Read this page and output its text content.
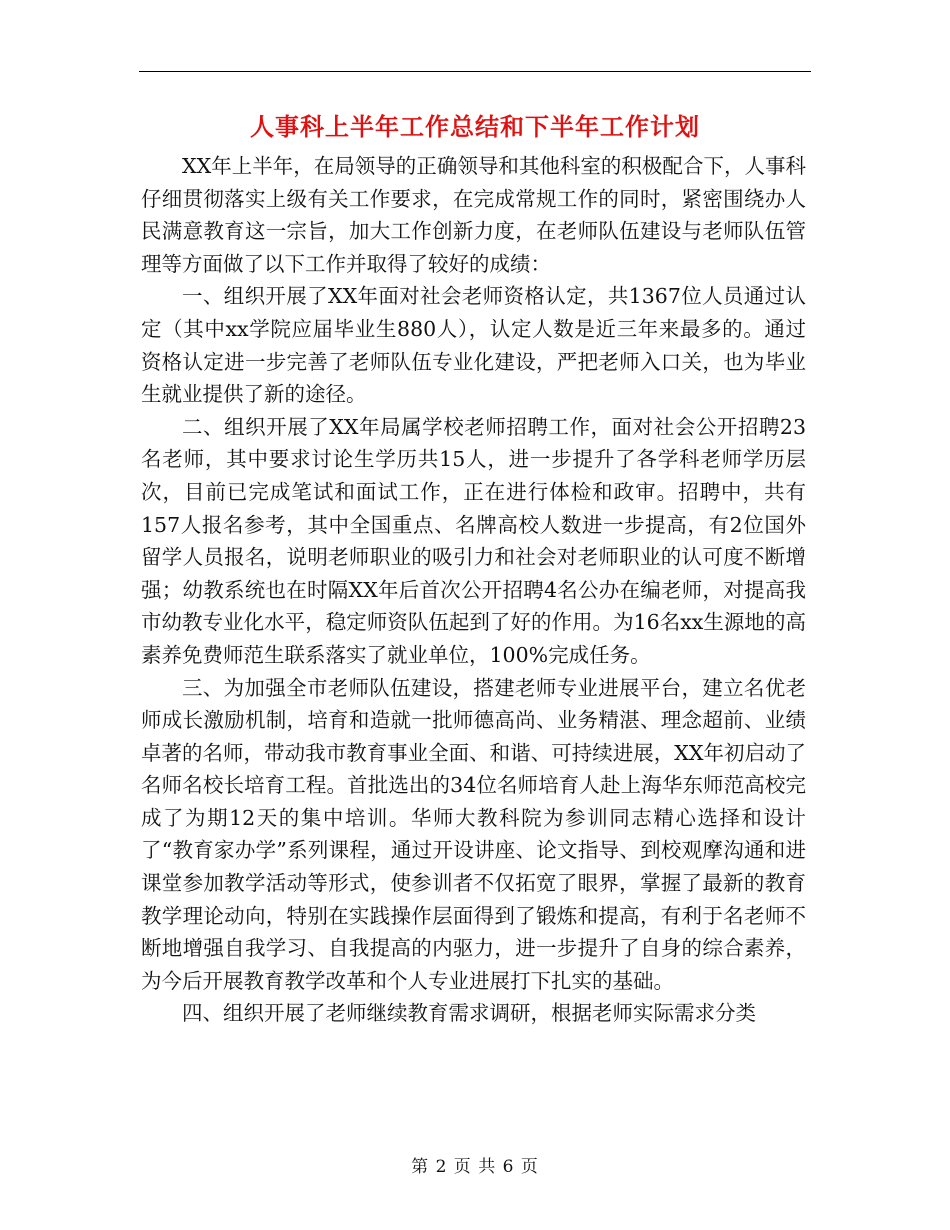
人事科上半年工作总结和下半年工作计划

XX年上半年，在局领导的正确领导和其他科室的积极配合下，人事科仔细贯彻落实上级有关工作要求，在完成常规工作的同时，紧密围绕办人民满意教育这一宗旨，加大工作创新力度，在老师队伍建设与老师队伍管理等方面做了以下工作并取得了较好的成绩：

一、组织开展了XX年面对社会老师资格认定，共1367位人员通过认定（其中xx学院应届毕业生880人），认定人数是近三年来最多的。通过资格认定进一步完善了老师队伍专业化建设，严把老师入口关，也为毕业生就业提供了新的途径。

二、组织开展了XX年局属学校老师招聘工作，面对社会公开招聘23名老师，其中要求讨论生学历共15人，进一步提升了各学科老师学历层次，目前已完成笔试和面试工作，正在进行体检和政审。招聘中，共有157人报名参考，其中全国重点、名牌高校人数进一步提高，有2位国外留学人员报名，说明老师职业的吸引力和社会对老师职业的认可度不断增强；幼教系统也在时隔XX年后首次公开招聘4名公办在编老师，对提高我市幼教专业化水平，稳定师资队伍起到了好的作用。为16名xx生源地的高素养免费师范生联系落实了就业单位，100%完成任务。

三、为加强全市老师队伍建设，搭建老师专业进展平台，建立名优老师成长激励机制，培育和造就一批师德高尚、业务精湛、理念超前、业绩卓著的名师，带动我市教育事业全面、和谐、可持续进展，XX年初启动了名师名校长培育工程。首批选出的34位名师培育人赴上海华东师范高校完成了为期12天的集中培训。华师大教科院为参训同志精心选择和设计了“教育家办学”系列课程，通过开设讲座、论文指导、到校观摩沟通和进课堂参加教学活动等形式，使参训者不仅拓宽了眼界，掌握了最新的教育教学理论动向，特别在实践操作层面得到了锻炼和提高，有利于名老师不断地增强自我学习、自我提高的内驱力，进一步提升了自身的综合素养，为今后开展教育教学改革和个人专业进展打下扎实的基础。

四、组织开展了老师继续教育需求调研，根据老师实际需求分类

第 2 页 共 6 页
